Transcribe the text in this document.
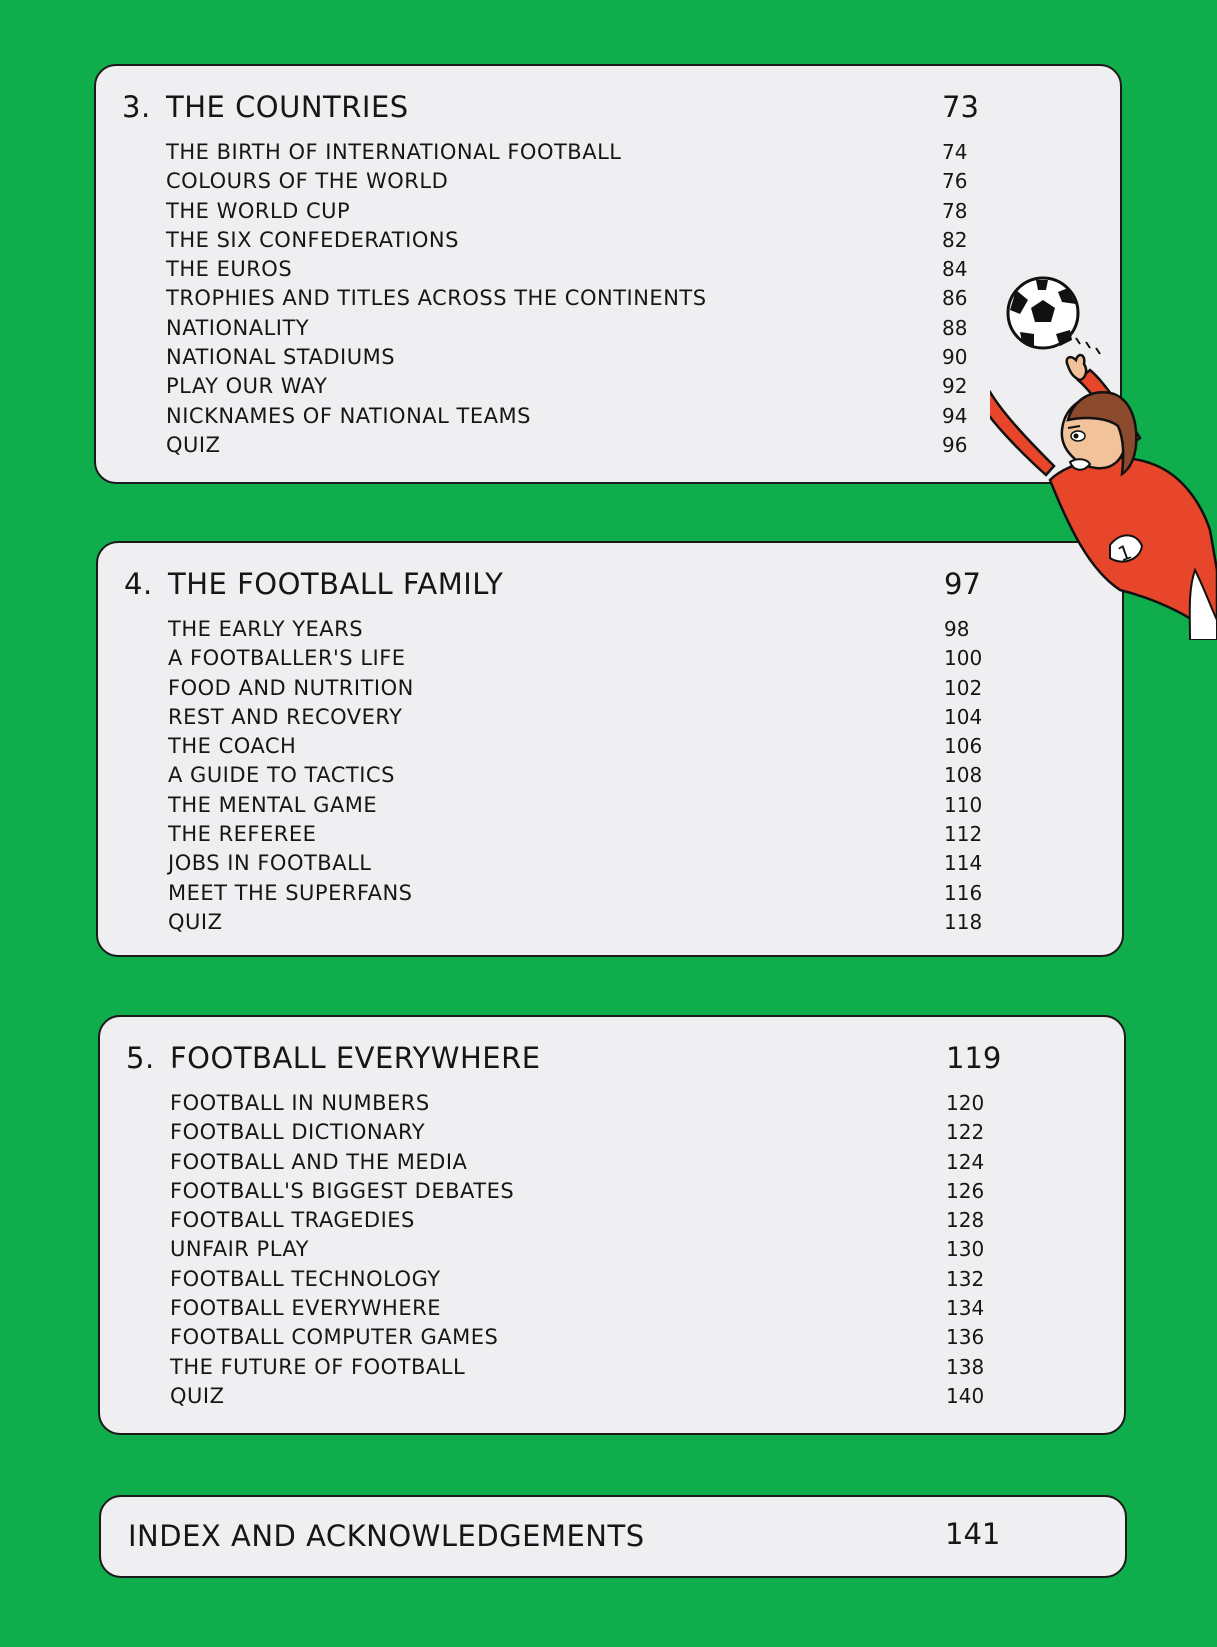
3. THE COUNTRIES	73
THE BIRTH OF INTERNATIONAL FOOTBALL	74
COLOURS OF THE WORLD	76
THE WORLD CUP	78
THE SIX CONFEDERATIONS	82
THE EUROS	84
TROPHIES AND TITLES ACROSS THE CONTINENTS	86
NATIONALITY	88
NATIONAL STADIUMS	90
PLAY OUR WAY	92
NICKNAMES OF NATIONAL TEAMS	94
QUIZ	96
4. THE FOOTBALL FAMILY	97
THE EARLY YEARS	98
A FOOTBALLER'S LIFE	100
FOOD AND NUTRITION	102
REST AND RECOVERY	104
THE COACH	106
A GUIDE TO TACTICS	108
THE MENTAL GAME	110
THE REFEREE	112
JOBS IN FOOTBALL	114
MEET THE SUPERFANS	116
QUIZ	118
5. FOOTBALL EVERYWHERE	119
FOOTBALL IN NUMBERS	120
FOOTBALL DICTIONARY	122
FOOTBALL AND THE MEDIA	124
FOOTBALL'S BIGGEST DEBATES	126
FOOTBALL TRAGEDIES	128
UNFAIR PLAY	130
FOOTBALL TECHNOLOGY	132
FOOTBALL EVERYWHERE	134
FOOTBALL COMPUTER GAMES	136
THE FUTURE OF FOOTBALL	138
QUIZ	140
INDEX AND ACKNOWLEDGEMENTS	141
1
